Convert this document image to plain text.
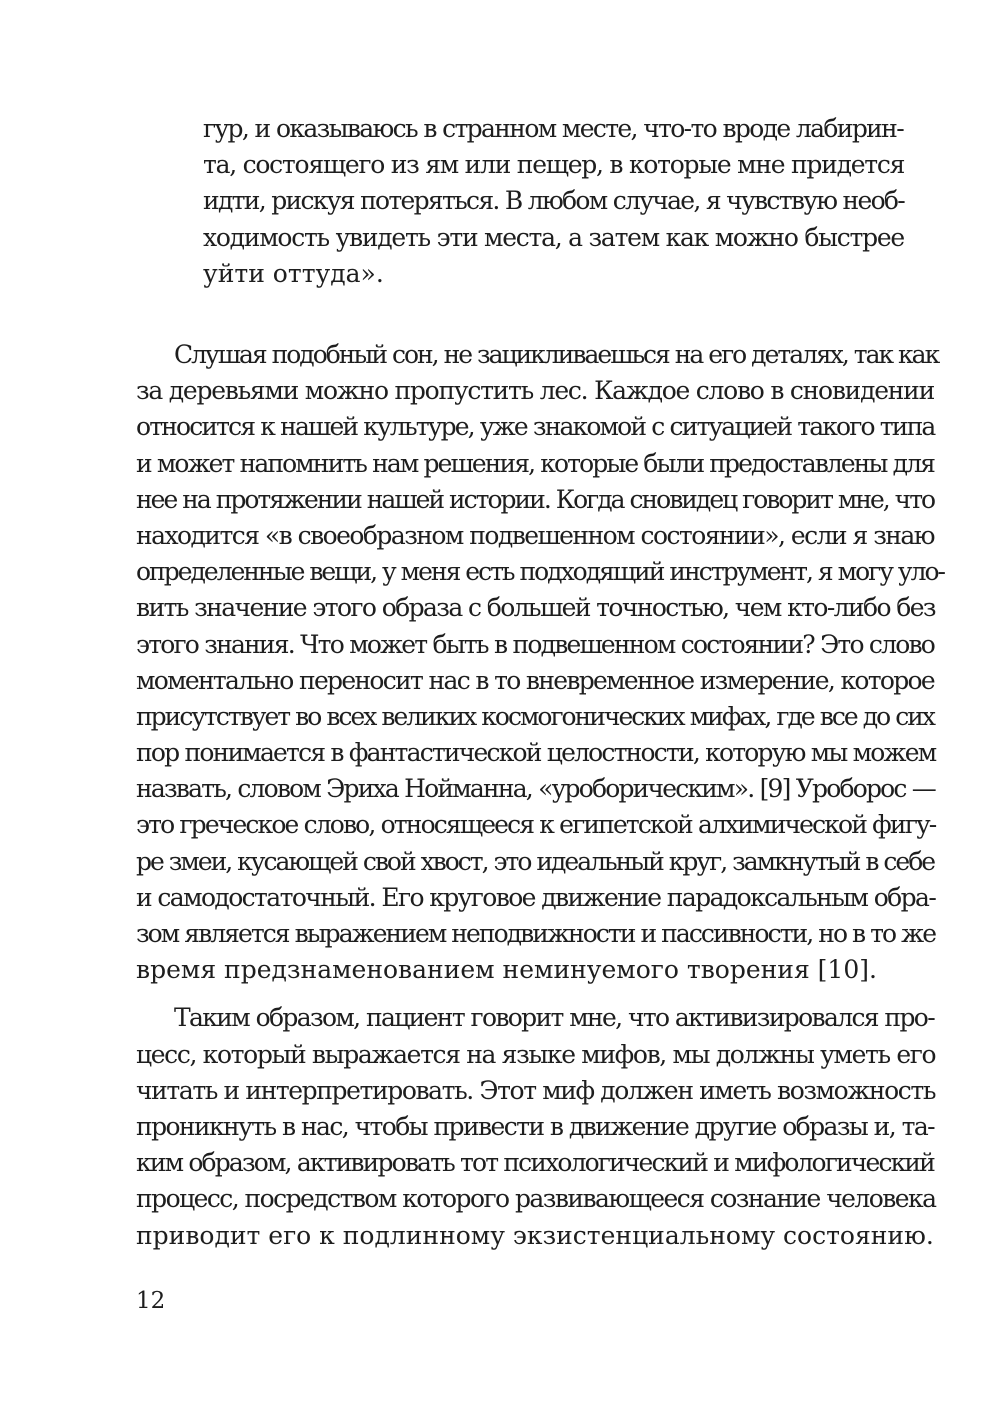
гур, и оказываюсь в странном месте, что-то вроде лабирин-
та, состоящего из ям или пещер, в которые мне придется
идти, рискуя потеряться. В любом случае, я чувствую необ-
ходимость увидеть эти места, а затем как можно быстрее
уйти оттуда».
Слушая подобный сон, не зацикливаешься на его деталях, так как
за деревьями можно пропустить лес. Каждое слово в сновидении
относится к нашей культуре, уже знакомой с ситуацией такого типа
и может напомнить нам решения, которые были предоставлены для
нее на протяжении нашей истории. Когда сновидец говорит мне, что
находится «в своеобразном подвешенном состоянии», если я знаю
определенные вещи, у меня есть подходящий инструмент, я могу уло-
вить значение этого образа с большей точностью, чем кто-либо без
этого знания. Что может быть в подвешенном состоянии? Это слово
моментально переносит нас в то вневременное измерение, которое
присутствует во всех великих космогонических мифах, где все до сих
пор понимается в фантастической целостности, которую мы можем
назвать, словом Эриха Нойманна, «уроборическим». [9] Уроборос —
это греческое слово, относящееся к египетской алхимической фигу-
ре змеи, кусающей свой хвост, это идеальный круг, замкнутый в себе
и самодостаточный. Его круговое движение парадоксальным обра-
зом является выражением неподвижности и пассивности, но в то же
время предзнаменованием неминуемого творения [10].
Таким образом, пациент говорит мне, что активизировался про-
цесс, который выражается на языке мифов, мы должны уметь его
читать и интерпретировать. Этот миф должен иметь возможность
проникнуть в нас, чтобы привести в движение другие образы и, та-
ким образом, активировать тот психологический и мифологический
процесс, посредством которого развивающееся сознание человека
приводит его к подлинному экзистенциальному состоянию.
12
